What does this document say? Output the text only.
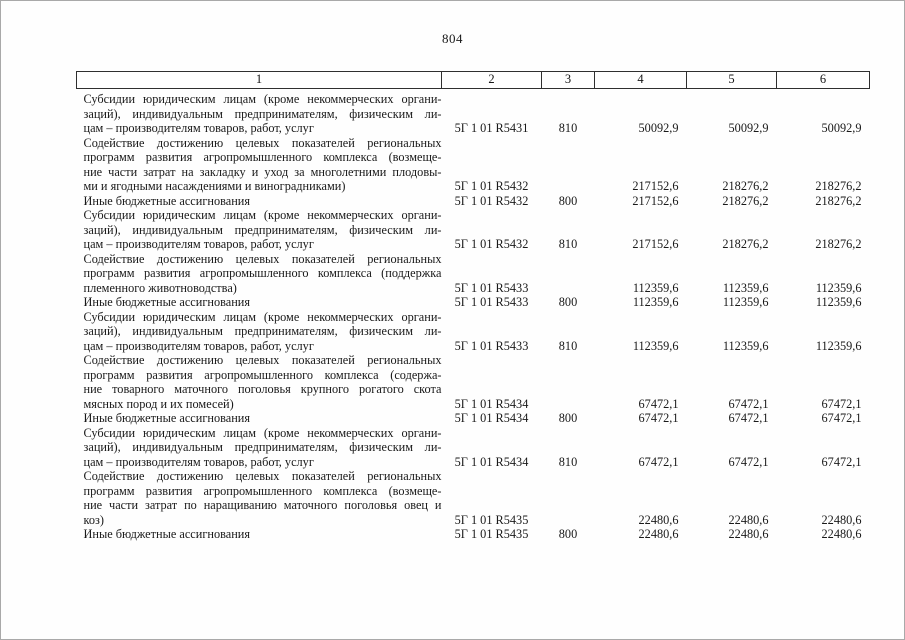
804
1	2	3	4	5	6

Субсидии юридическим лицам (кроме некоммерческих органи-
заций), индивидуальным предпринимателям, физическим ли-
цам – производителям товаров, работ, услуг	5Г 1 01 R5431	810	50092,9	50092,9	50092,9

Содействие достижению целевых показателей региональных
программ развития агропромышленного комплекса (возмеще-
ние части затрат на закладку и уход за многолетними плодовы-
ми и ягодными насаждениями и виноградниками)	5Г 1 01 R5432		217152,6	218276,2	218276,2

Иные бюджетные ассигнования	5Г 1 01 R5432	800	217152,6	218276,2	218276,2

Субсидии юридическим лицам (кроме некоммерческих органи-
заций), индивидуальным предпринимателям, физическим ли-
цам – производителям товаров, работ, услуг	5Г 1 01 R5432	810	217152,6	218276,2	218276,2

Содействие достижению целевых показателей региональных
программ развития агропромышленного комплекса (поддержка
племенного животноводства)	5Г 1 01 R5433		112359,6	112359,6	112359,6

Иные бюджетные ассигнования	5Г 1 01 R5433	800	112359,6	112359,6	112359,6

Субсидии юридическим лицам (кроме некоммерческих органи-
заций), индивидуальным предпринимателям, физическим ли-
цам – производителям товаров, работ, услуг	5Г 1 01 R5433	810	112359,6	112359,6	112359,6

Содействие достижению целевых показателей региональных
программ развития агропромышленного комплекса (содержа-
ние товарного маточного поголовья крупного рогатого скота
мясных пород и их помесей)	5Г 1 01 R5434		67472,1	67472,1	67472,1

Иные бюджетные ассигнования	5Г 1 01 R5434	800	67472,1	67472,1	67472,1

Субсидии юридическим лицам (кроме некоммерческих органи-
заций), индивидуальным предпринимателям, физическим ли-
цам – производителям товаров, работ, услуг	5Г 1 01 R5434	810	67472,1	67472,1	67472,1

Содействие достижению целевых показателей региональных
программ развития агропромышленного комплекса (возмеще-
ние части затрат по наращиванию маточного поголовья овец и
коз)	5Г 1 01 R5435		22480,6	22480,6	22480,6

Иные бюджетные ассигнования	5Г 1 01 R5435	800	22480,6	22480,6	22480,6
